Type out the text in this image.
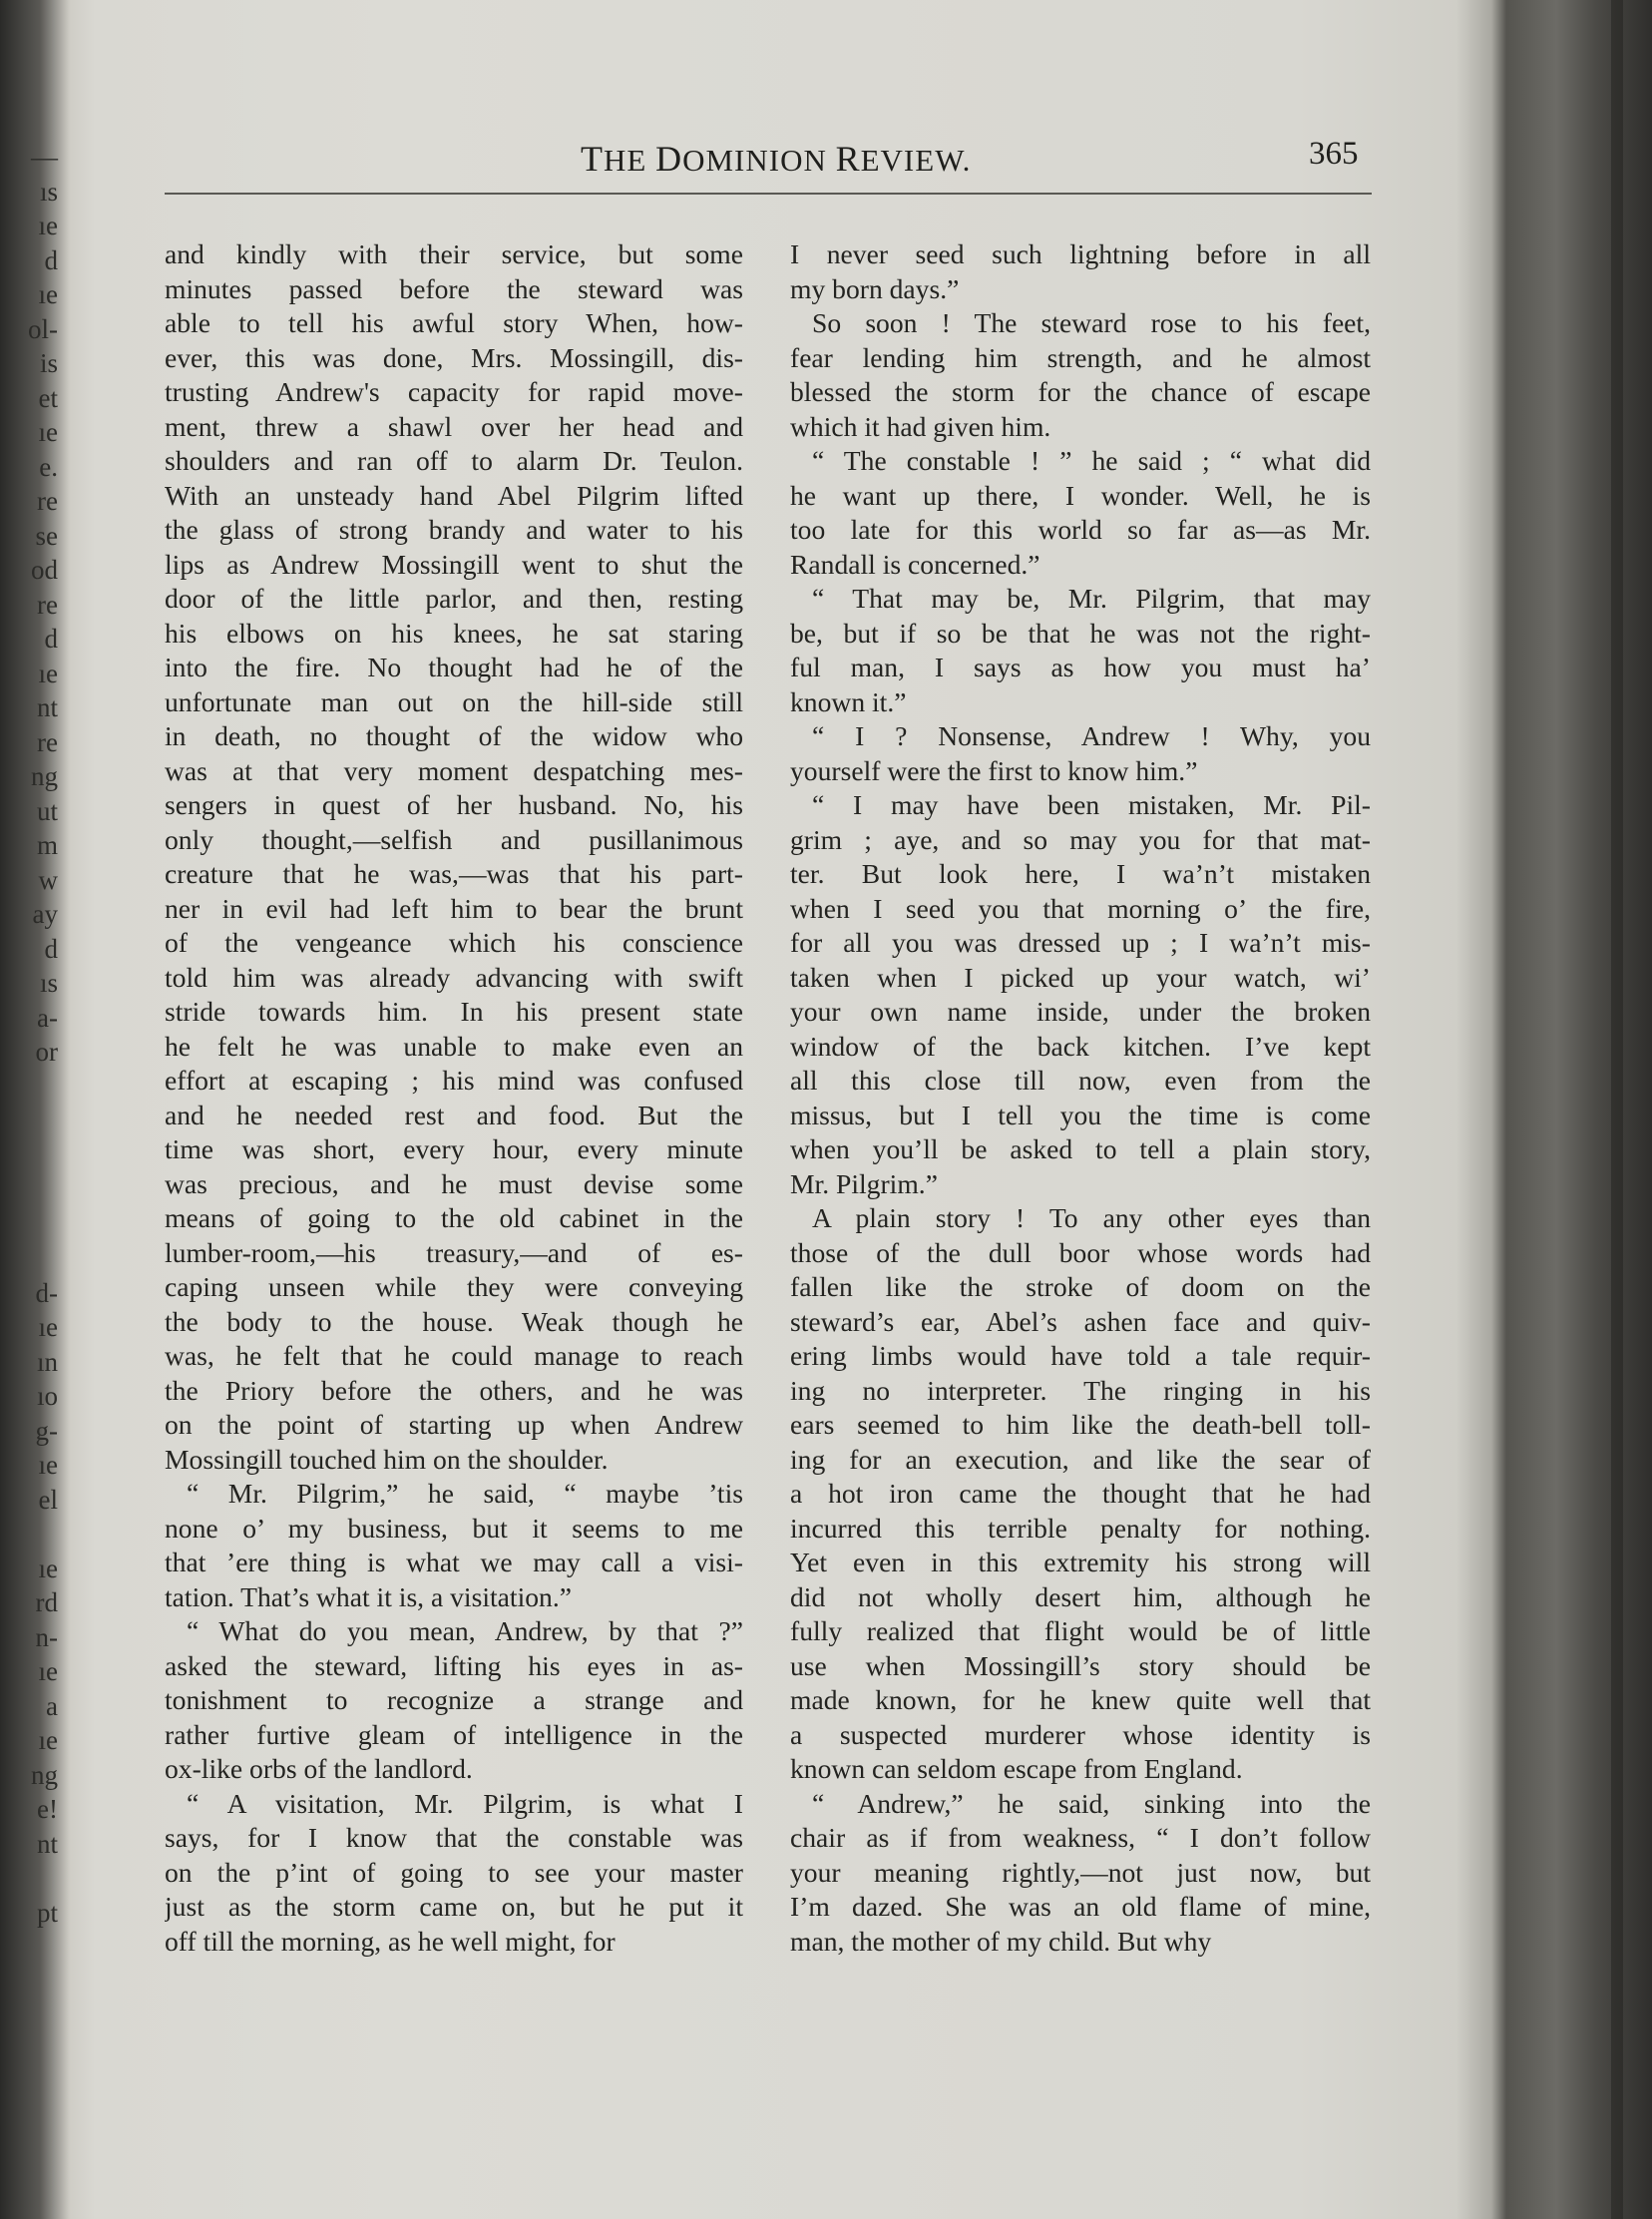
—
ıs
ıe
d
ıe
ol-
is
et
ıe
e.
re
se
od
re
d
ıe
nt
re
ng
ut
m
w
ay
d
ıs
a-
or
d-
ıe
ın
ıo
g-
ıe
el
ıe
rd
n-
ıe
a
ıe
ng
e!
nt
pt
THE DOMINION REVIEW.	365
and kindly with their service, but some
minutes passed before the steward was
able to tell his awful story When, how-
ever, this was done, Mrs. Mossingill, dis-
trusting Andrew's capacity for rapid move-
ment, threw a shawl over her head and
shoulders and ran off to alarm Dr. Teulon.
With an unsteady hand Abel Pilgrim lifted
the glass of strong brandy and water to his
lips as Andrew Mossingill went to shut the
door of the little parlor, and then, resting
his elbows on his knees, he sat staring
into the fire. No thought had he of the
unfortunate man out on the hill-side still
in death, no thought of the widow who
was at that very moment despatching mes-
sengers in quest of her husband. No, his
only thought,—selfish and pusillanimous
creature that he was,—was that his part-
ner in evil had left him to bear the brunt
of the vengeance which his conscience
told him was already advancing with swift
stride towards him. In his present state
he felt he was unable to make even an
effort at escaping ; his mind was confused
and he needed rest and food. But the
time was short, every hour, every minute
was precious, and he must devise some
means of going to the old cabinet in the
lumber-room,—his treasury,—and of es-
caping unseen while they were conveying
the body to the house. Weak though he
was, he felt that he could manage to reach
the Priory before the others, and he was
on the point of starting up when Andrew
Mossingill touched him on the shoulder.
“ Mr. Pilgrim,” he said, “ maybe ’tis
none o’ my business, but it seems to me
that ’ere thing is what we may call a visi-
tation. That’s what it is, a visitation.”
“ What do you mean, Andrew, by that ?”
asked the steward, lifting his eyes in as-
tonishment to recognize a strange and
rather furtive gleam of intelligence in the
ox-like orbs of the landlord.
“ A visitation, Mr. Pilgrim, is what I
says, for I know that the constable was
on the p’int of going to see your master
just as the storm came on, but he put it
off till the morning, as he well might, for
I never seed such lightning before in all
my born days.”
So soon ! The steward rose to his feet,
fear lending him strength, and he almost
blessed the storm for the chance of escape
which it had given him.
“ The constable ! ” he said ; “ what did
he want up there, I wonder. Well, he is
too late for this world so far as—as Mr.
Randall is concerned.”
“ That may be, Mr. Pilgrim, that may
be, but if so be that he was not the right-
ful man, I says as how you must ha’
known it.”
“ I ? Nonsense, Andrew ! Why, you
yourself were the first to know him.”
“ I may have been mistaken, Mr. Pil-
grim ; aye, and so may you for that mat-
ter. But look here, I wa’n’t mistaken
when I seed you that morning o’ the fire,
for all you was dressed up ; I wa’n’t mis-
taken when I picked up your watch, wi’
your own name inside, under the broken
window of the back kitchen. I’ve kept
all this close till now, even from the
missus, but I tell you the time is come
when you’ll be asked to tell a plain story,
Mr. Pilgrim.”
A plain story ! To any other eyes than
those of the dull boor whose words had
fallen like the stroke of doom on the
steward’s ear, Abel’s ashen face and quiv-
ering limbs would have told a tale requir-
ing no interpreter. The ringing in his
ears seemed to him like the death-bell toll-
ing for an execution, and like the sear of
a hot iron came the thought that he had
incurred this terrible penalty for nothing.
Yet even in this extremity his strong will
did not wholly desert him, although he
fully realized that flight would be of little
use when Mossingill’s story should be
made known, for he knew quite well that
a suspected murderer whose identity is
known can seldom escape from England.
“ Andrew,” he said, sinking into the
chair as if from weakness, “ I don’t follow
your meaning rightly,—not just now, but
I’m dazed. She was an old flame of mine,
man, the mother of my child. But why
